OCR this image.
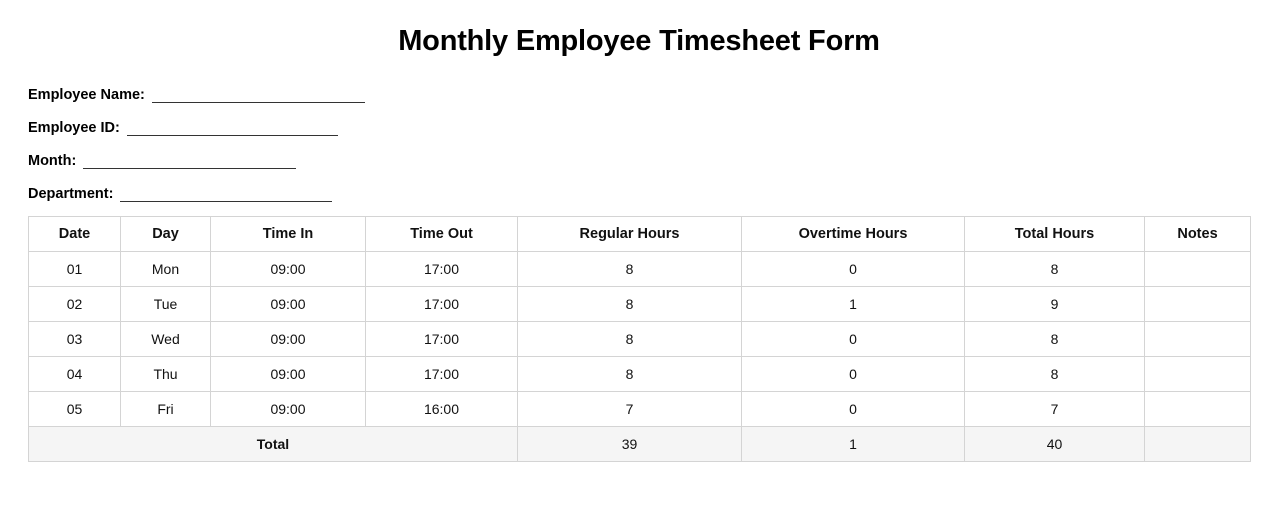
Monthly Employee Timesheet Form
Employee Name:
Employee ID:
Month:
Department:
Date	Day	Time In	Time Out	Regular Hours	Overtime Hours	Total Hours	Notes
01	Mon	09:00	17:00	8	0	8	
02	Tue	09:00	17:00	8	1	9	
03	Wed	09:00	17:00	8	0	8	
04	Thu	09:00	17:00	8	0	8	
05	Fri	09:00	16:00	7	0	7	
Total				39	1	40	
